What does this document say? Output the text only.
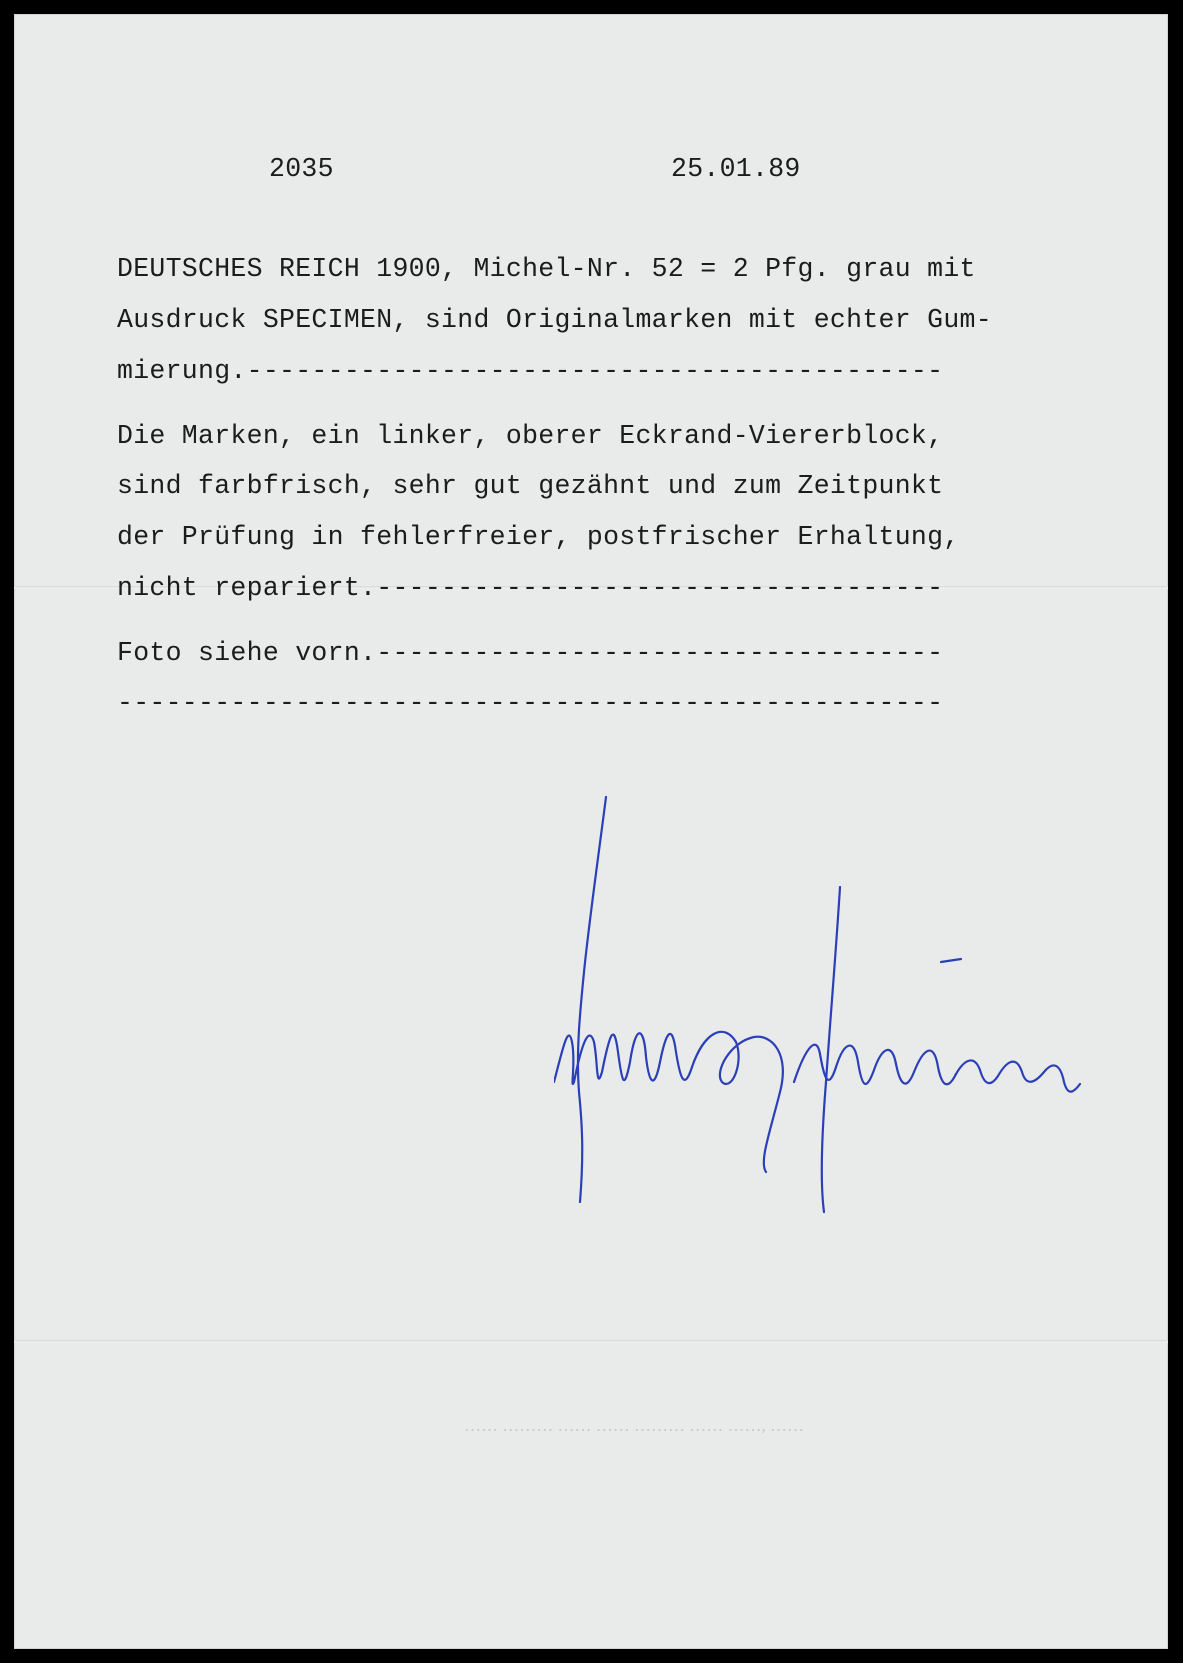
…… ……… …… …… ……… …… ……, ……

2035	25.01.89

DEUTSCHES REICH 1900, Michel-Nr. 52 = 2 Pfg. grau mit

Ausdruck SPECIMEN, sind Originalmarken mit echter Gum-

mierung.-------------------------------------------

Die Marken, ein linker, oberer Eckrand-Viererblock,

sind farbfrisch, sehr gut gezähnt und zum Zeitpunkt

der Prüfung in fehlerfreier, postfrischer Erhaltung,

nicht repariert.-----------------------------------

Foto siehe vorn.-----------------------------------

---------------------------------------------------
